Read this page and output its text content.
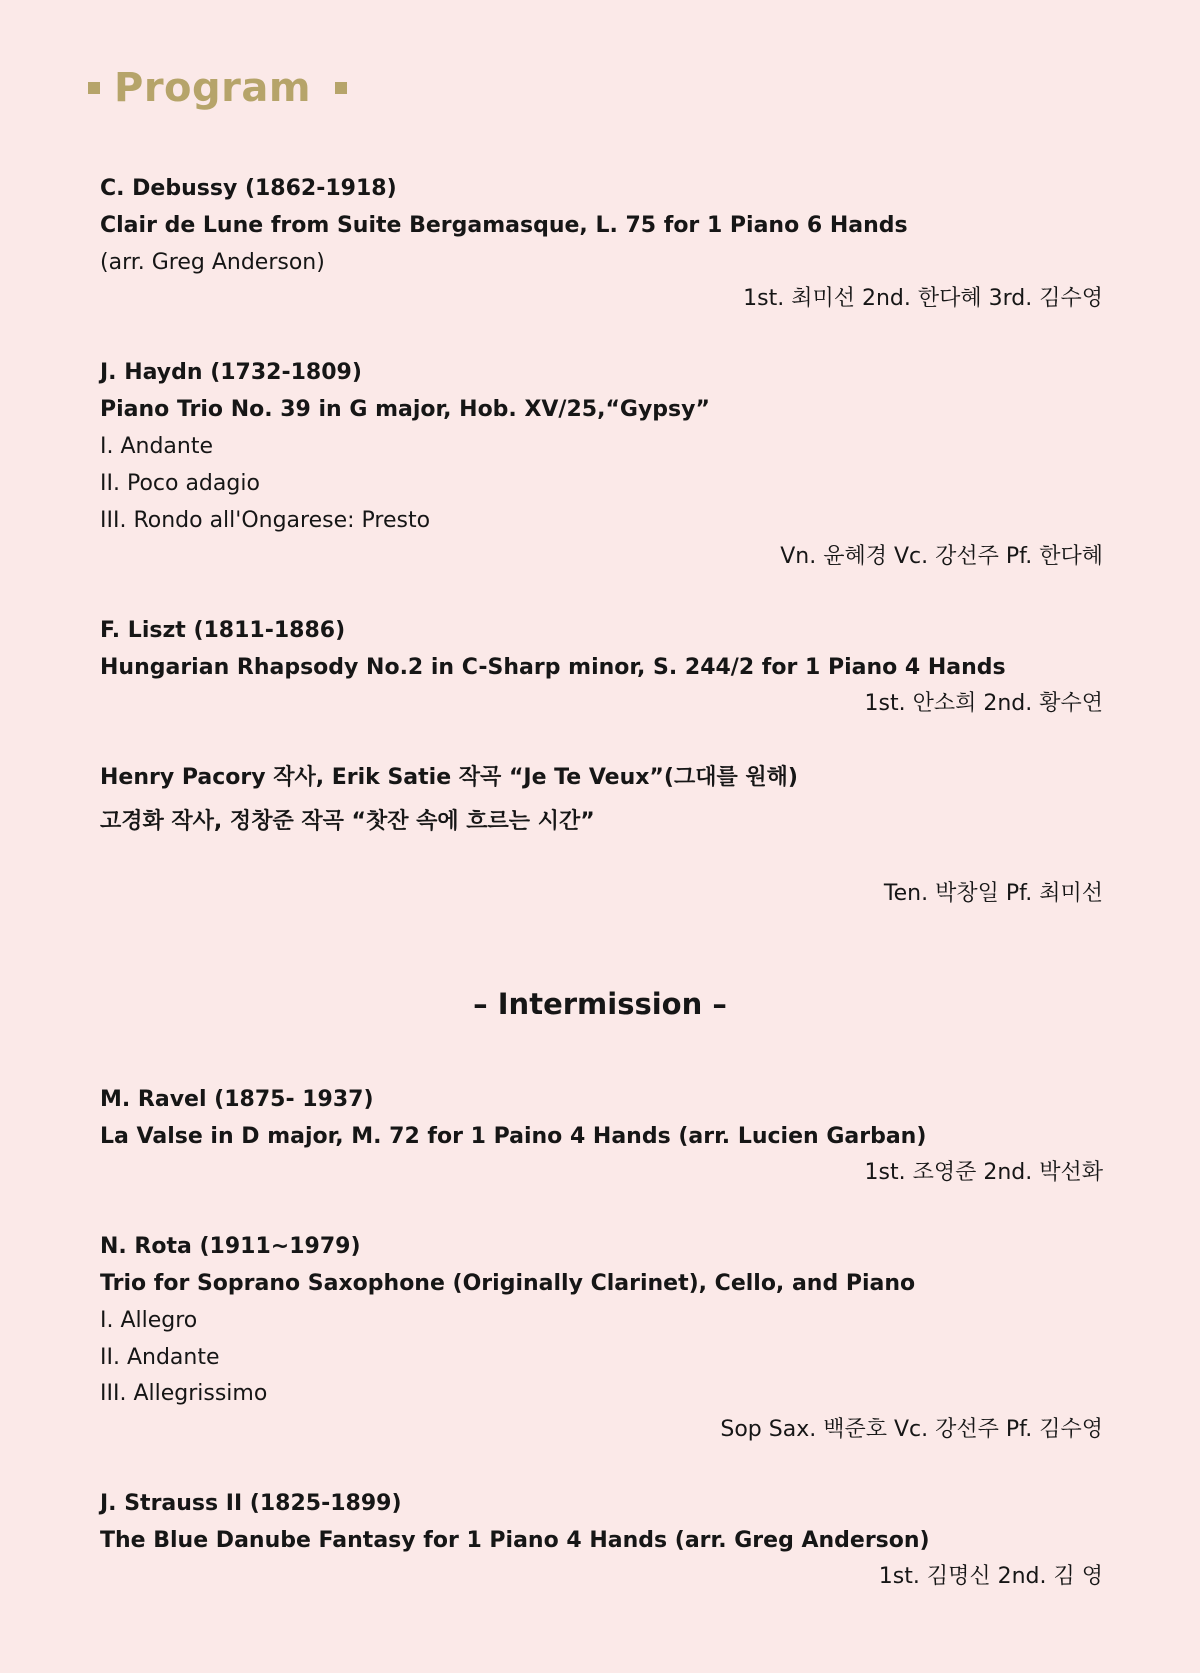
Program
C. Debussy (1862-1918)
Clair de Lune from Suite Bergamasque, L. 75 for 1 Piano 6 Hands
(arr. Greg Anderson)
1st. 최미선 2nd. 한다혜 3rd. 김수영
J. Haydn (1732-1809)
Piano Trio No. 39 in G major, Hob. XV/25,“Gypsy”
I. Andante
II. Poco adagio
III. Rondo all'Ongarese: Presto
Vn. 윤혜경 Vc. 강선주 Pf. 한다혜
F. Liszt (1811-1886)
Hungarian Rhapsody No.2 in C-Sharp minor, S. 244/2 for 1 Piano 4 Hands
1st. 안소희 2nd. 황수연
Henry Pacory 작사, Erik Satie 작곡 “Je Te Veux”(그대를 원해)
고경화 작사, 정창준 작곡 “찻잔 속에 흐르는 시간”
Ten. 박창일 Pf. 최미선
– Intermission –
M. Ravel (1875- 1937)
La Valse in D major, M. 72 for 1 Paino 4 Hands (arr. Lucien Garban)
1st. 조영준 2nd. 박선화
N. Rota (1911~1979)
Trio for Soprano Saxophone (Originally Clarinet), Cello, and Piano
I. Allegro
II. Andante
III. Allegrissimo
Sop Sax. 백준호 Vc. 강선주 Pf. 김수영
J. Strauss II (1825-1899)
The Blue Danube Fantasy for 1 Piano 4 Hands (arr. Greg Anderson)
1st. 김명신 2nd. 김 영
